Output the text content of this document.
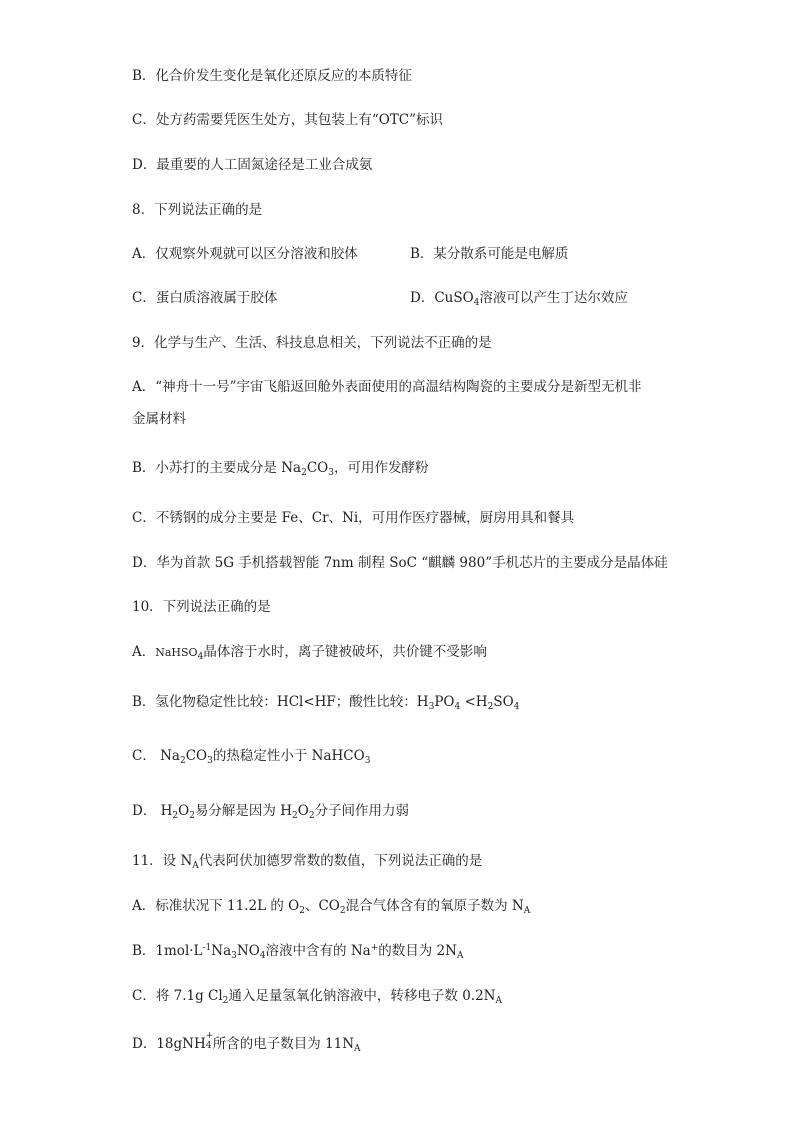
B．化合价发生变化是氧化还原反应的本质特征
C．处方药需要凭医生处方，其包装上有“OTC”标识
D．最重要的人工固氮途径是工业合成氨
8．下列说法正确的是
A．仅观察外观就可以区分溶液和胶体	B．某分散系可能是电解质
C．蛋白质溶液属于胶体	D．CuSO$_4$溶液可以产生丁达尔效应
9．化学与生产、生活、科技息息相关，下列说法不正确的是
A．“神舟十一号”宇宙飞船返回舱外表面使用的高温结构陶瓷的主要成分是新型无机非
金属材料
B．小苏打的主要成分是 $Na_2CO_3$，可用作发酵粉
C．不锈钢的成分主要是 Fe、Cr、Ni，可用作医疗器械，厨房用具和餐具
D．华为首款 5G 手机搭载智能 7nm 制程 SoC “麒麟 980”手机芯片的主要成分是晶体硅
10．下列说法正确的是
A．NaHSO$_4$晶体溶于水时，离子键被破坏，共价键不受影响
B．氢化物稳定性比较：HCl<HF；酸性比较：$H_3PO_4 <H_2SO_4$
C． $Na_2CO_3$的热稳定性小于 NaHCO$_3$
D． $H_2O_2$易分解是因为 $H_2O_2$分子间作用力弱
11．设 $N_A$代表阿伏加德罗常数的数值，下列说法正确的是
A．标准状况下 11.2L 的 $O_2$、$CO_2$混合气体含有的氧原子数为 $N_A$
B．$1mol\cdot L^{-1}Na_3NO_4$溶液中含有的 Na+的数目为 $2N_A$
C．将 7.1g $Cl_2$通入足量氢氧化钠溶液中，转移电子数 $0.2N_A$
D．18gNH +
4 所含的电子数目为 $11N_A$
